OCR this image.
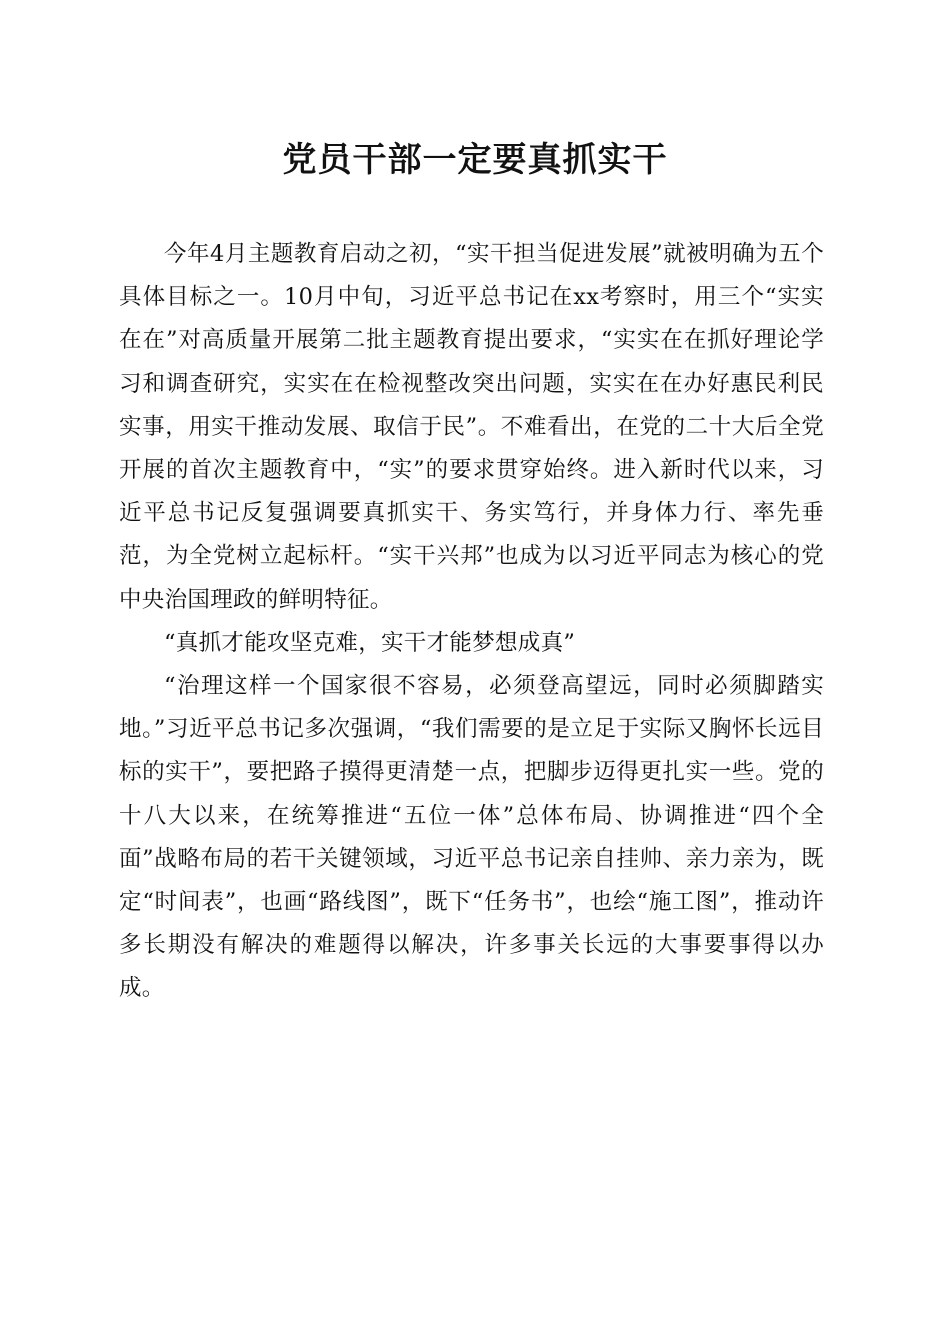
党员干部一定要真抓实干

今年4月主题教育启动之初，“实干担当促进发展”就被明确为五个具体目标之一。10月中旬，习近平总书记在xx考察时，用三个“实实在在”对高质量开展第二批主题教育提出要求，“实实在在抓好理论学习和调查研究，实实在在检视整改突出问题，实实在在办好惠民利民实事，用实干推动发展、取信于民”。不难看出，在党的二十大后全党开展的首次主题教育中，“实”的要求贯穿始终。进入新时代以来，习近平总书记反复强调要真抓实干、务实笃行，并身体力行、率先垂范，为全党树立起标杆。“实干兴邦”也成为以习近平同志为核心的党中央治国理政的鲜明特征。

“真抓才能攻坚克难，实干才能梦想成真”

“治理这样一个国家很不容易，必须登高望远，同时必须脚踏实地。”习近平总书记多次强调，“我们需要的是立足于实际又胸怀长远目标的实干”，要把路子摸得更清楚一点，把脚步迈得更扎实一些。党的十八大以来，在统筹推进“五位一体”总体布局、协调推进“四个全面”战略布局的若干关键领域，习近平总书记亲自挂帅、亲力亲为，既定“时间表”，也画“路线图”，既下“任务书”，也绘“施工图”，推动许多长期没有解决的难题得以解决，许多事关长远的大事要事得以办成。
